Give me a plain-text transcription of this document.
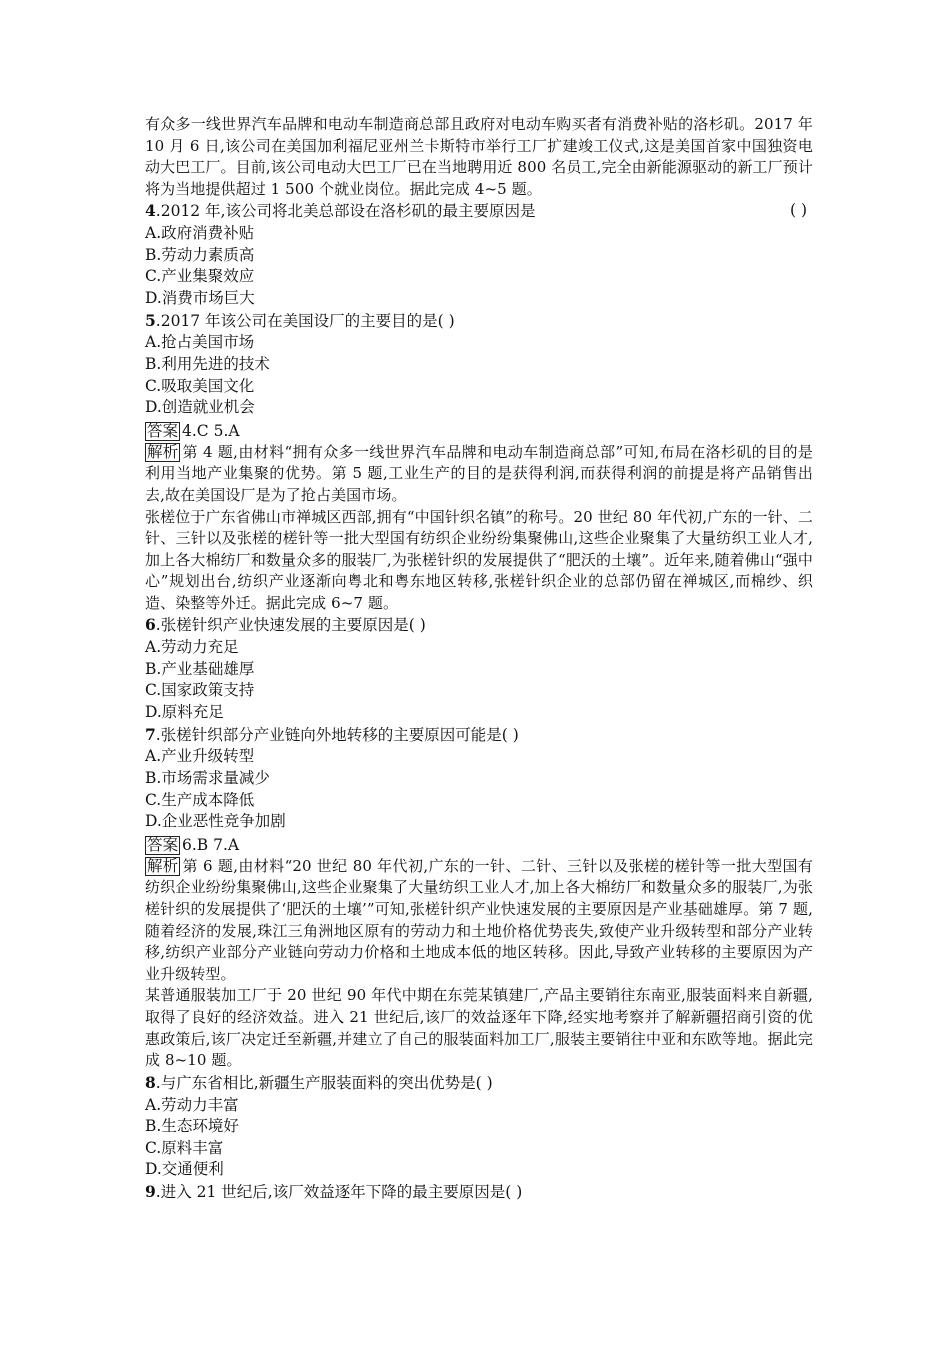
有众多一线世界汽车品牌和电动车制造商总部且政府对电动车购买者有消费补贴的洛杉矶。2017 年 10 月 6 日,该公司在美国加利福尼亚州兰卡斯特市举行工厂扩建竣工仪式,这是美国首家中国独资电动大巴工厂。目前,该公司电动大巴工厂已在当地聘用近 800 名员工,完全由新能源驱动的新工厂预计将为当地提供超过 1 500 个就业岗位。据此完成 4~5 题。

4.2012 年,该公司将北美总部设在洛杉矶的最主要原因是	( )

A.政府消费补贴

B.劳动力素质高

C.产业集聚效应

D.消费市场巨大

5.2017 年该公司在美国设厂的主要目的是( )

A.抢占美国市场

B.利用先进的技术

C.吸取美国文化

D.创造就业机会

答案 4.C 5.A

解析 第 4 题,由材料“拥有众多一线世界汽车品牌和电动车制造商总部”可知,布局在洛杉矶的目的是利用当地产业集聚的优势。第 5 题,工业生产的目的是获得利润,而获得利润的前提是将产品销售出去,故在美国设厂是为了抢占美国市场。

张槎位于广东省佛山市禅城区西部,拥有“中国针织名镇”的称号。20 世纪 80 年代初,广东的一针、二针、三针以及张槎的槎针等一批大型国有纺织企业纷纷集聚佛山,这些企业聚集了大量纺织工业人才,加上各大棉纺厂和数量众多的服装厂,为张槎针织的发展提供了“肥沃的土壤”。近年来,随着佛山“强中心”规划出台,纺织产业逐渐向粤北和粤东地区转移,张槎针织企业的总部仍留在禅城区,而棉纱、织造、染整等外迁。据此完成 6~7 题。

6.张槎针织产业快速发展的主要原因是( )

A.劳动力充足

B.产业基础雄厚

C.国家政策支持

D.原料充足

7.张槎针织部分产业链向外地转移的主要原因可能是( )

A.产业升级转型

B.市场需求量减少

C.生产成本降低

D.企业恶性竞争加剧

答案 6.B 7.A

解析 第 6 题,由材料“20 世纪 80 年代初,广东的一针、二针、三针以及张槎的槎针等一批大型国有纺织企业纷纷集聚佛山,这些企业聚集了大量纺织工业人才,加上各大棉纺厂和数量众多的服装厂,为张槎针织的发展提供了‘肥沃的土壤’”可知,张槎针织产业快速发展的主要原因是产业基础雄厚。第 7 题,随着经济的发展,珠江三角洲地区原有的劳动力和土地价格优势丧失,致使产业升级转型和部分产业转移,纺织产业部分产业链向劳动力价格和土地成本低的地区转移。因此,导致产业转移的主要原因为产业升级转型。

某普通服装加工厂于 20 世纪 90 年代中期在东莞某镇建厂,产品主要销往东南亚,服装面料来自新疆,取得了良好的经济效益。进入 21 世纪后,该厂的效益逐年下降,经实地考察并了解新疆招商引资的优惠政策后,该厂决定迁至新疆,并建立了自己的服装面料加工厂,服装主要销往中亚和东欧等地。据此完成 8~10 题。

8.与广东省相比,新疆生产服装面料的突出优势是( )

A.劳动力丰富

B.生态环境好

C.原料丰富

D.交通便利

9.进入 21 世纪后,该厂效益逐年下降的最主要原因是( )
